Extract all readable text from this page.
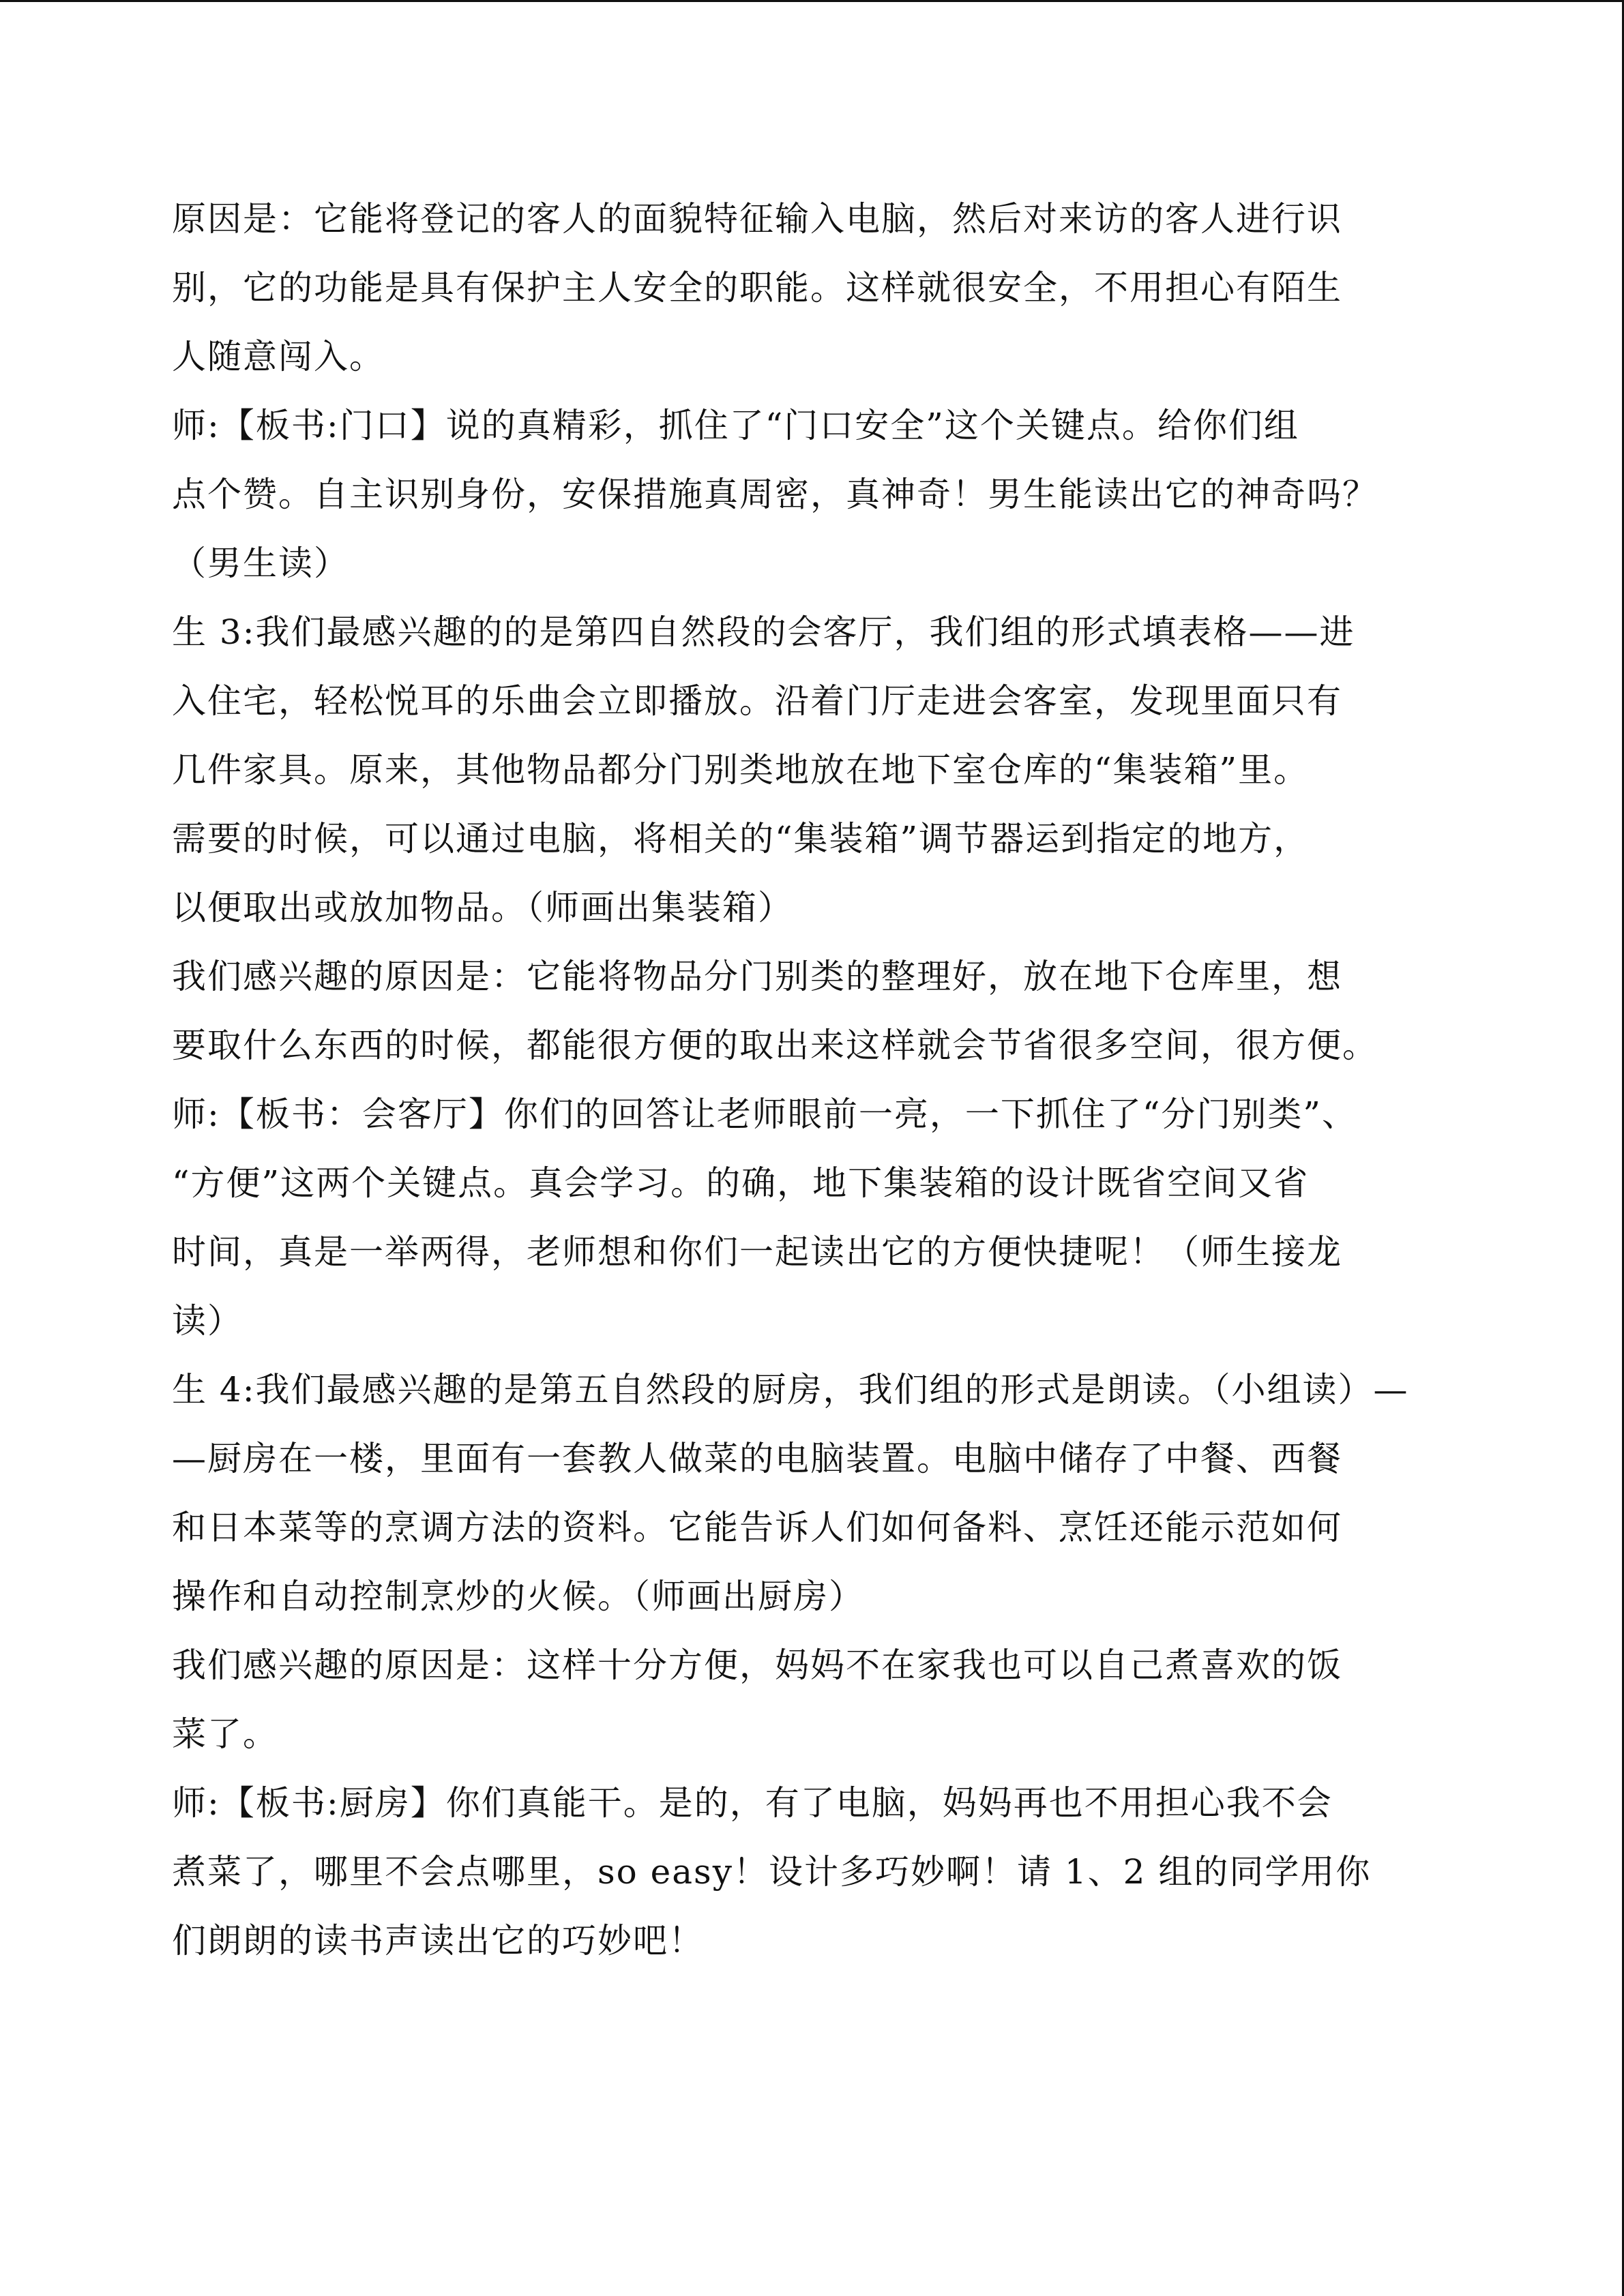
原因是：它能将登记的客人的面貌特征输入电脑，然后对来访的客人进行识
别，它的功能是具有保护主人安全的职能。这样就很安全，不用担心有陌生
人随意闯入。
师:【板书:门口】说的真精彩，抓住了“门口安全”这个关键点。给你们组
点个赞。自主识别身份，安保措施真周密，真神奇！男生能读出它的神奇吗？
（男生读）
生 3:我们最感兴趣的的是第四自然段的会客厅，我们组的形式填表格——进
入住宅，轻松悦耳的乐曲会立即播放。沿着门厅走进会客室，发现里面只有
几件家具。原来，其他物品都分门别类地放在地下室仓库的“集装箱”里。
需要的时候，可以通过电脑，将相关的“集装箱”调节器运到指定的地方，
以便取出或放加物品。（师画出集装箱）
我们感兴趣的原因是：它能将物品分门别类的整理好，放在地下仓库里，想
要取什么东西的时候，都能很方便的取出来这样就会节省很多空间，很方便。
师:【板书：会客厅】你们的回答让老师眼前一亮，一下抓住了“分门别类”、
“方便”这两个关键点。真会学习。的确，地下集装箱的设计既省空间又省
时间，真是一举两得，老师想和你们一起读出它的方便快捷呢！（师生接龙
读）
生 4:我们最感兴趣的是第五自然段的厨房，我们组的形式是朗读。（小组读）—
—厨房在一楼，里面有一套教人做菜的电脑装置。电脑中储存了中餐、西餐
和日本菜等的烹调方法的资料。它能告诉人们如何备料、烹饪还能示范如何
操作和自动控制烹炒的火候。（师画出厨房）
我们感兴趣的原因是：这样十分方便，妈妈不在家我也可以自己煮喜欢的饭
菜了。
师:【板书:厨房】你们真能干。是的，有了电脑，妈妈再也不用担心我不会
煮菜了，哪里不会点哪里，so easy！设计多巧妙啊！请 1、2 组的同学用你
们朗朗的读书声读出它的巧妙吧！
